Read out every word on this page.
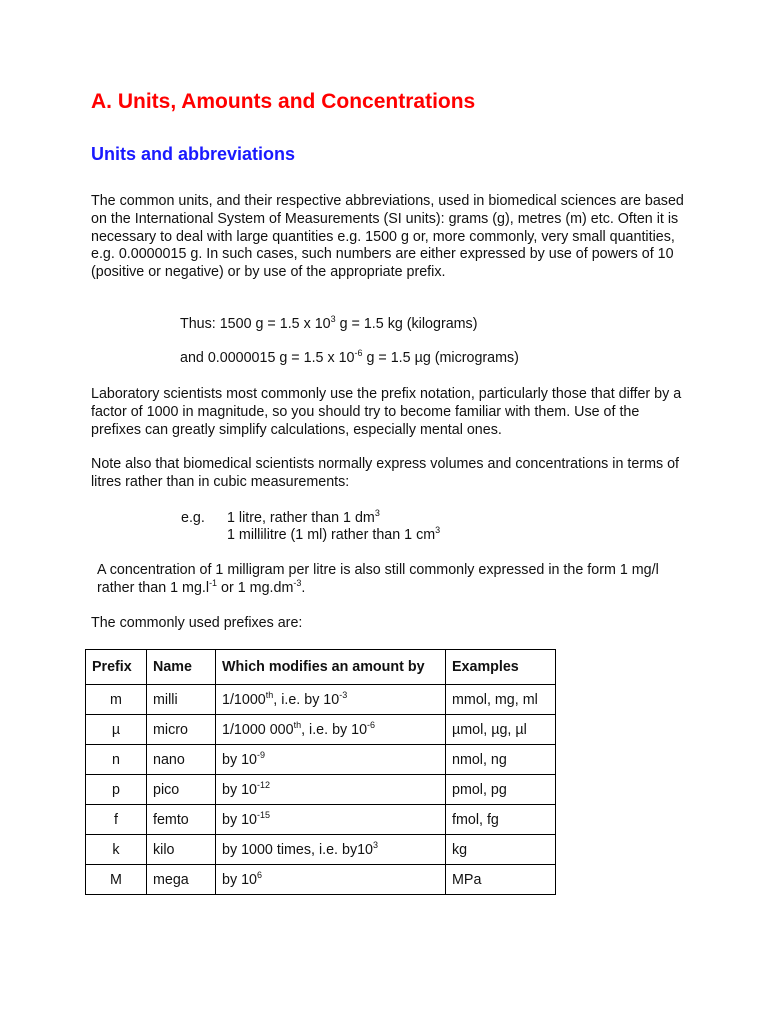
A. Units, Amounts and Concentrations
Units and abbreviations
The common units, and their respective abbreviations, used in biomedical sciences are based on the International System of Measurements (SI units): grams (g), metres (m) etc. Often it is necessary to deal with large quantities e.g. 1500 g or, more commonly, very small quantities, e.g. 0.0000015 g. In such cases, such numbers are either expressed by use of powers of 10 (positive or negative) or by use of the appropriate prefix.
Thus: 1500 g = 1.5 x $10^3$ g = 1.5 kg (kilograms)
and 0.0000015 g = 1.5 x $10^{-6}$ g = 1.5 µg (micrograms)
Laboratory scientists most commonly use the prefix notation, particularly those that differ by a factor of 1000 in magnitude, so you should try to become familiar with them. Use of the prefixes can greatly simplify calculations, especially mental ones.
Note also that biomedical scientists normally express volumes and concentrations in terms of litres rather than in cubic measurements:
e.g. 1 litre, rather than 1 $dm^3$
1 millilitre (1 ml) rather than 1 $cm^3$
A concentration of 1 milligram per litre is also still commonly expressed in the form 1 mg/l rather than 1 $mg.l^{-1}$ or 1 $mg.dm^{-3}$.
The commonly used prefixes are:
Prefix	Name	Which modifies an amount by	Examples
m	milli	1/1000th, i.e. by $10^{-3}$	mmol, mg, ml
µ	micro	1/1000 000th, i.e. by $10^{-6}$	µmol, µg, µl
n	nano	by $10^{-9}$	nmol, ng
p	pico	by $10^{-12}$	pmol, pg
f	femto	by $10^{-15}$	fmol, fg
k	kilo	by 1000 times, i.e. $by10^3$	kg
M	mega	by $10^6$	MPa
